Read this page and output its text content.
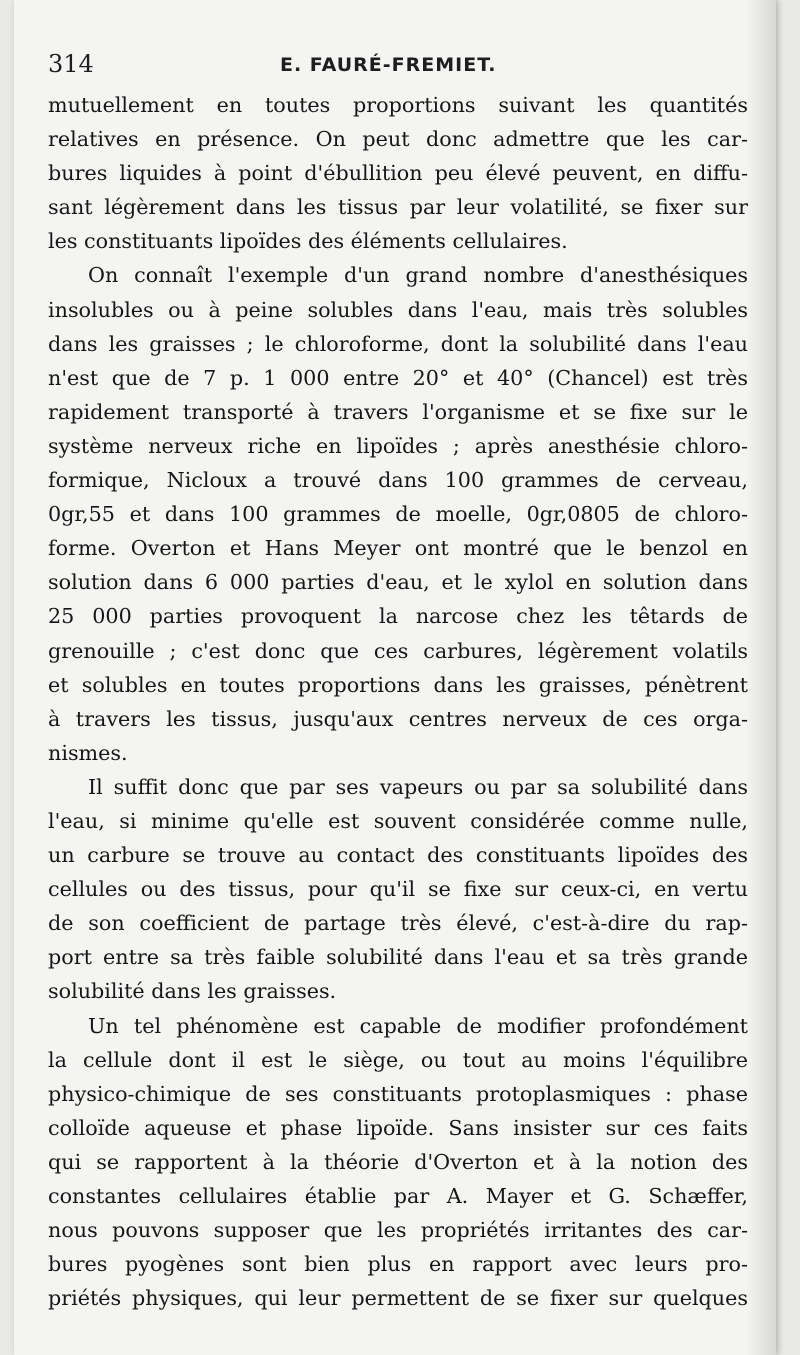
314	E. FAURÉ-FREMIET.
mutuellement en toutes proportions suivant les quantités
relatives en présence. On peut donc admettre que les car-
bures liquides à point d'ébullition peu élevé peuvent, en diffu-
sant légèrement dans les tissus par leur volatilité, se fixer sur
les constituants lipoïdes des éléments cellulaires.
On connaît l'exemple d'un grand nombre d'anesthésiques
insolubles ou à peine solubles dans l'eau, mais très solubles
dans les graisses ; le chloroforme, dont la solubilité dans l'eau
n'est que de 7 p. 1 000 entre 20° et 40° (Chancel) est très
rapidement transporté à travers l'organisme et se fixe sur le
système nerveux riche en lipoïdes ; après anesthésie chloro-
formique, Nicloux a trouvé dans 100 grammes de cerveau,
0gr,55 et dans 100 grammes de moelle, 0gr,0805 de chloro-
forme. Overton et Hans Meyer ont montré que le benzol en
solution dans 6 000 parties d'eau, et le xylol en solution dans
25 000 parties provoquent la narcose chez les têtards de
grenouille ; c'est donc que ces carbures, légèrement volatils
et solubles en toutes proportions dans les graisses, pénètrent
à travers les tissus, jusqu'aux centres nerveux de ces orga-
nismes.
Il suffit donc que par ses vapeurs ou par sa solubilité dans
l'eau, si minime qu'elle est souvent considérée comme nulle,
un carbure se trouve au contact des constituants lipoïdes des
cellules ou des tissus, pour qu'il se fixe sur ceux-ci, en vertu
de son coefficient de partage très élevé, c'est-à-dire du rap-
port entre sa très faible solubilité dans l'eau et sa très grande
solubilité dans les graisses.
Un tel phénomène est capable de modifier profondément
la cellule dont il est le siège, ou tout au moins l'équilibre
physico-chimique de ses constituants protoplasmiques : phase
colloïde aqueuse et phase lipoïde. Sans insister sur ces faits
qui se rapportent à la théorie d'Overton et à la notion des
constantes cellulaires établie par A. Mayer et G. Schæffer,
nous pouvons supposer que les propriétés irritantes des car-
bures pyogènes sont bien plus en rapport avec leurs pro-
priétés physiques, qui leur permettent de se fixer sur quelques
